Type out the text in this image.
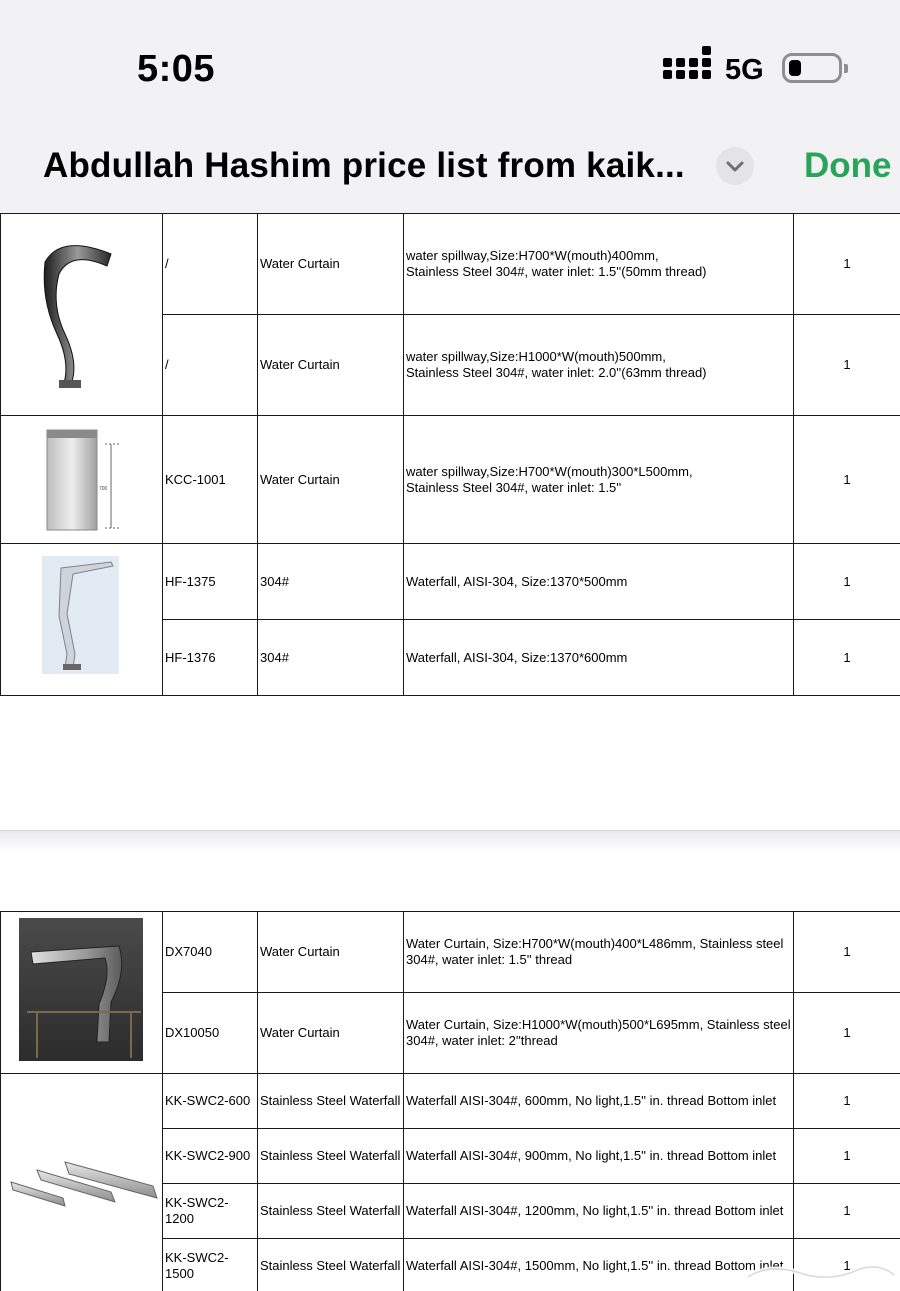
5:05	5G
Abdullah Hashim price list from kaik...	Done
	/	Water Curtain	water spillway,Size:H700*W(mouth)400mm,
Stainless Steel 304#, water inlet: 1.5''(50mm thread)	1
	/	Water Curtain	water spillway,Size:H1000*W(mouth)500mm,
Stainless Steel 304#, water inlet: 2.0''(63mm thread)	1

700	KCC-1001	Water Curtain	water spillway,Size:H700*W(mouth)300*L500mm,
Stainless Steel 304#, water inlet: 1.5''	1

	HF-1375	304#	Waterfall, AISI-304, Size:1370*500mm	1
	HF-1376	304#	Waterfall, AISI-304, Size:1370*600mm	1
	DX7040	Water Curtain	Water Curtain, Size:H700*W(mouth)400*L486mm, Stainless steel
304#, water inlet: 1.5'' thread	1
	DX10050	Water Curtain	Water Curtain, Size:H1000*W(mouth)500*L695mm, Stainless steel
304#, water inlet: 2''thread	1

	KK-SWC2-600	Stainless Steel Waterfall	Waterfall AISI-304#, 600mm, No light,1.5'' in. thread Bottom inlet	1
	KK-SWC2-900	Stainless Steel Waterfall	Waterfall AISI-304#, 900mm, No light,1.5'' in. thread Bottom inlet	1
	KK-SWC2-1200	Stainless Steel Waterfall	Waterfall AISI-304#, 1200mm, No light,1.5'' in. thread Bottom inlet	1
	KK-SWC2-1500	Stainless Steel Waterfall	Waterfall AISI-304#, 1500mm, No light,1.5'' in. thread Bottom inlet	1
